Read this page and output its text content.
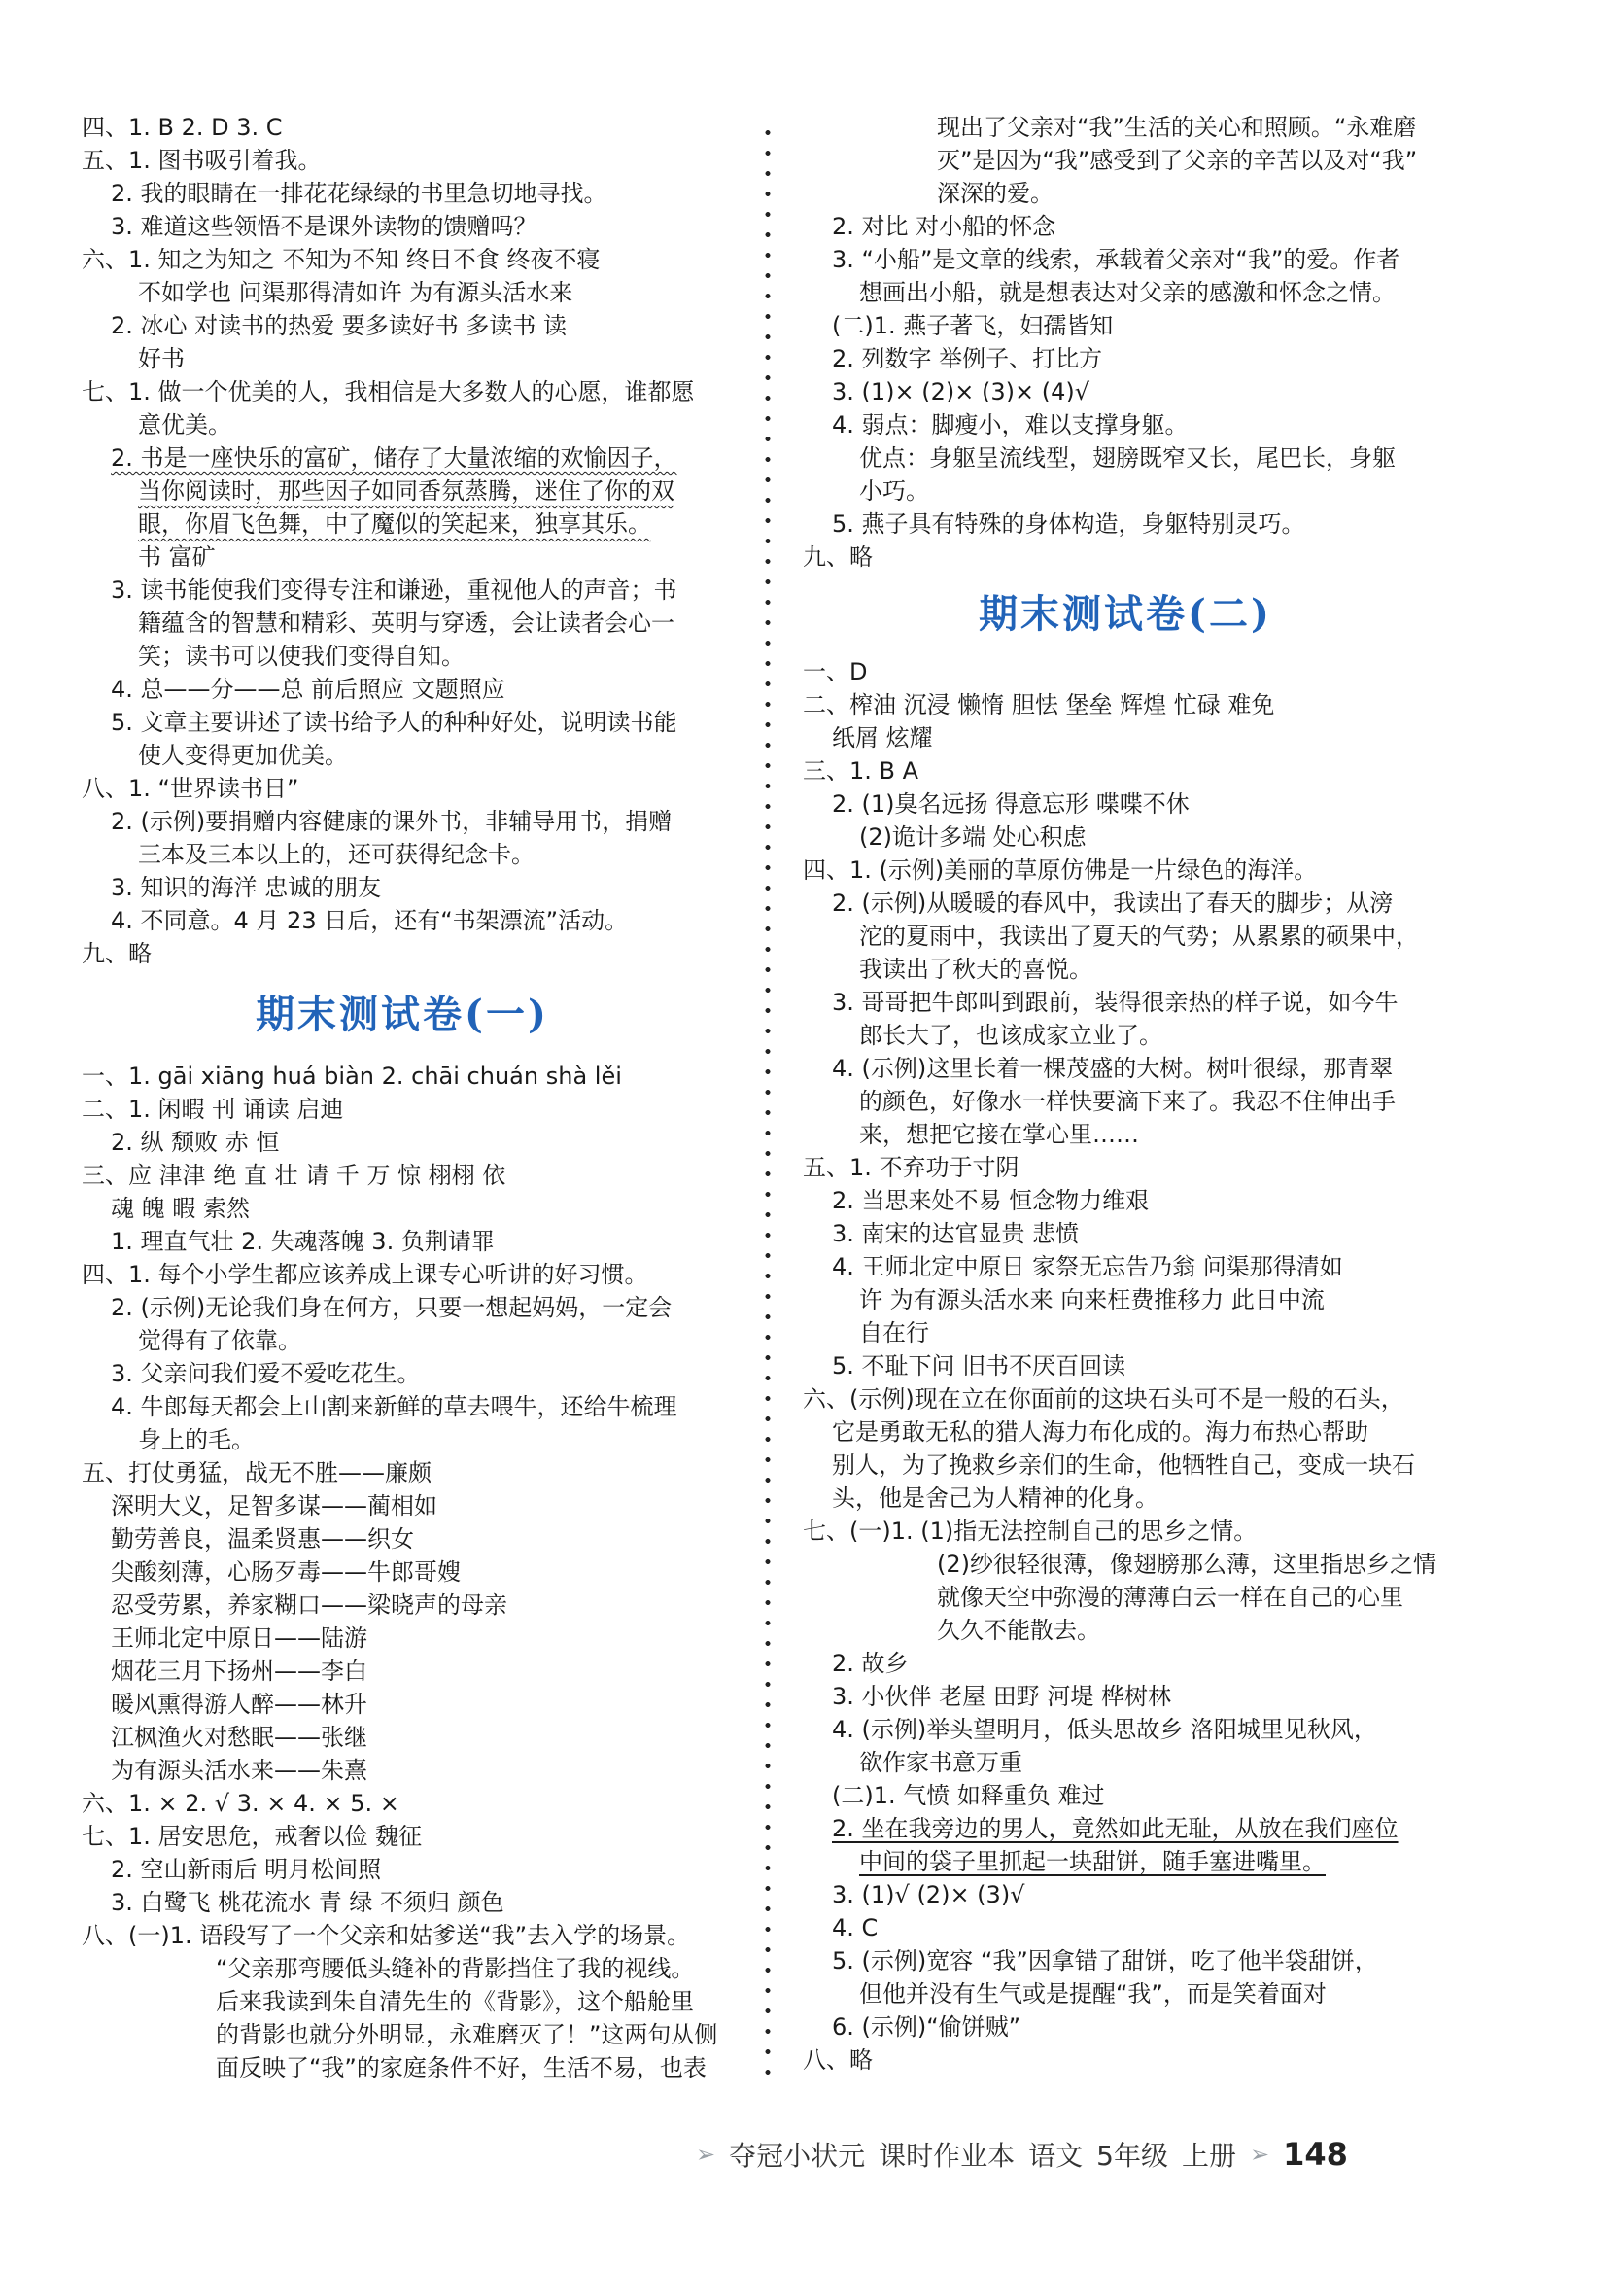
四、1. B 2. D 3. C
五、1. 图书吸引着我。
2. 我的眼睛在一排花花绿绿的书里急切地寻找。
3. 难道这些领悟不是课外读物的馈赠吗？
六、1. 知之为知之 不知为不知 终日不食 终夜不寝
不如学也 问渠那得清如许 为有源头活水来
2. 冰心 对读书的热爱 要多读好书 多读书 读
好书
七、1. 做一个优美的人，我相信是大多数人的心愿，谁都愿
意优美。
2. 书是一座快乐的富矿，储存了大量浓缩的欢愉因子，
当你阅读时，那些因子如同香氛蒸腾，迷住了你的双
眼，你眉飞色舞，中了魔似的笑起来，独享其乐。
书 富矿
3. 读书能使我们变得专注和谦逊，重视他人的声音；书
籍蕴含的智慧和精彩、英明与穿透，会让读者会心一
笑；读书可以使我们变得自知。
4. 总——分——总 前后照应 文题照应
5. 文章主要讲述了读书给予人的种种好处，说明读书能
使人变得更加优美。
八、1. “世界读书日”
2. (示例)要捐赠内容健康的课外书，非辅导用书，捐赠
三本及三本以上的，还可获得纪念卡。
3. 知识的海洋 忠诚的朋友
4. 不同意。4 月 23 日后，还有“书架漂流”活动。
九、略
期末测试卷(一)
一、1. gāi xiāng huá biàn 2. chāi chuán shà lěi
二、1. 闲暇 刊 诵读 启迪
2. 纵 颓败 赤 恒
三、应 津津 绝 直 壮 请 千 万 惊 栩栩 依
魂 魄 暇 索然
1. 理直气壮 2. 失魂落魄 3. 负荆请罪
四、1. 每个小学生都应该养成上课专心听讲的好习惯。
2. (示例)无论我们身在何方，只要一想起妈妈，一定会
觉得有了依靠。
3. 父亲问我们爱不爱吃花生。
4. 牛郎每天都会上山割来新鲜的草去喂牛，还给牛梳理
身上的毛。
五、打仗勇猛，战无不胜——廉颇
深明大义，足智多谋——蔺相如
勤劳善良，温柔贤惠——织女
尖酸刻薄，心肠歹毒——牛郎哥嫂
忍受劳累，养家糊口——梁晓声的母亲
王师北定中原日——陆游
烟花三月下扬州——李白
暖风熏得游人醉——林升
江枫渔火对愁眠——张继
为有源头活水来——朱熹
六、1. × 2. √ 3. × 4. × 5. ×
七、1. 居安思危，戒奢以俭 魏征
2. 空山新雨后 明月松间照
3. 白鹭飞 桃花流水 青 绿 不须归 颜色
八、(一)1. 语段写了一个父亲和姑爹送“我”去入学的场景。
“父亲那弯腰低头缝补的背影挡住了我的视线。
后来我读到朱自清先生的《背影》，这个船舱里
的背影也就分外明显，永难磨灭了！”这两句从侧
面反映了“我”的家庭条件不好，生活不易，也表
现出了父亲对“我”生活的关心和照顾。“永难磨
灭”是因为“我”感受到了父亲的辛苦以及对“我”
深深的爱。
2. 对比 对小船的怀念
3. “小船”是文章的线索，承载着父亲对“我”的爱。作者
想画出小船，就是想表达对父亲的感激和怀念之情。
(二)1. 燕子著飞，妇孺皆知
2. 列数字 举例子、打比方
3. (1)× (2)× (3)× (4)√
4. 弱点：脚瘦小，难以支撑身躯。
优点：身躯呈流线型，翅膀既窄又长，尾巴长，身躯
小巧。
5. 燕子具有特殊的身体构造，身躯特别灵巧。
九、略
期末测试卷(二)
一、D
二、榨油 沉浸 懒惰 胆怯 堡垒 辉煌 忙碌 难免
纸屑 炫耀
三、1. B A
2. (1)臭名远扬 得意忘形 喋喋不休
(2)诡计多端 处心积虑
四、1. (示例)美丽的草原仿佛是一片绿色的海洋。
2. (示例)从暖暖的春风中，我读出了春天的脚步；从滂
沱的夏雨中，我读出了夏天的气势；从累累的硕果中，
我读出了秋天的喜悦。
3. 哥哥把牛郎叫到跟前，装得很亲热的样子说，如今牛
郎长大了，也该成家立业了。
4. (示例)这里长着一棵茂盛的大树。树叶很绿，那青翠
的颜色，好像水一样快要滴下来了。我忍不住伸出手
来，想把它接在掌心里……
五、1. 不弃功于寸阴
2. 当思来处不易 恒念物力维艰
3. 南宋的达官显贵 悲愤
4. 王师北定中原日 家祭无忘告乃翁 问渠那得清如
许 为有源头活水来 向来枉费推移力 此日中流
自在行
5. 不耻下问 旧书不厌百回读
六、(示例)现在立在你面前的这块石头可不是一般的石头，
它是勇敢无私的猎人海力布化成的。海力布热心帮助
别人，为了挽救乡亲们的生命，他牺牲自己，变成一块石
头，他是舍己为人精神的化身。
七、(一)1. (1)指无法控制自己的思乡之情。
(2)纱很轻很薄，像翅膀那么薄，这里指思乡之情
就像天空中弥漫的薄薄白云一样在自己的心里
久久不能散去。
2. 故乡
3. 小伙伴 老屋 田野 河堤 桦树林
4. (示例)举头望明月，低头思故乡 洛阳城里见秋风，
欲作家书意万重
(二)1. 气愤 如释重负 难过
2. 坐在我旁边的男人，竟然如此无耻，从放在我们座位
中间的袋子里抓起一块甜饼，随手塞进嘴里。
3. (1)√ (2)× (3)√
4. C
5. (示例)宽容 “我”因拿错了甜饼，吃了他半袋甜饼，
但他并没有生气或是提醒“我”，而是笑着面对
6. (示例)“偷饼贼”
八、略
➢ 夺冠小状元 课时作业本 语文 5年级 上册 ➢ 148
